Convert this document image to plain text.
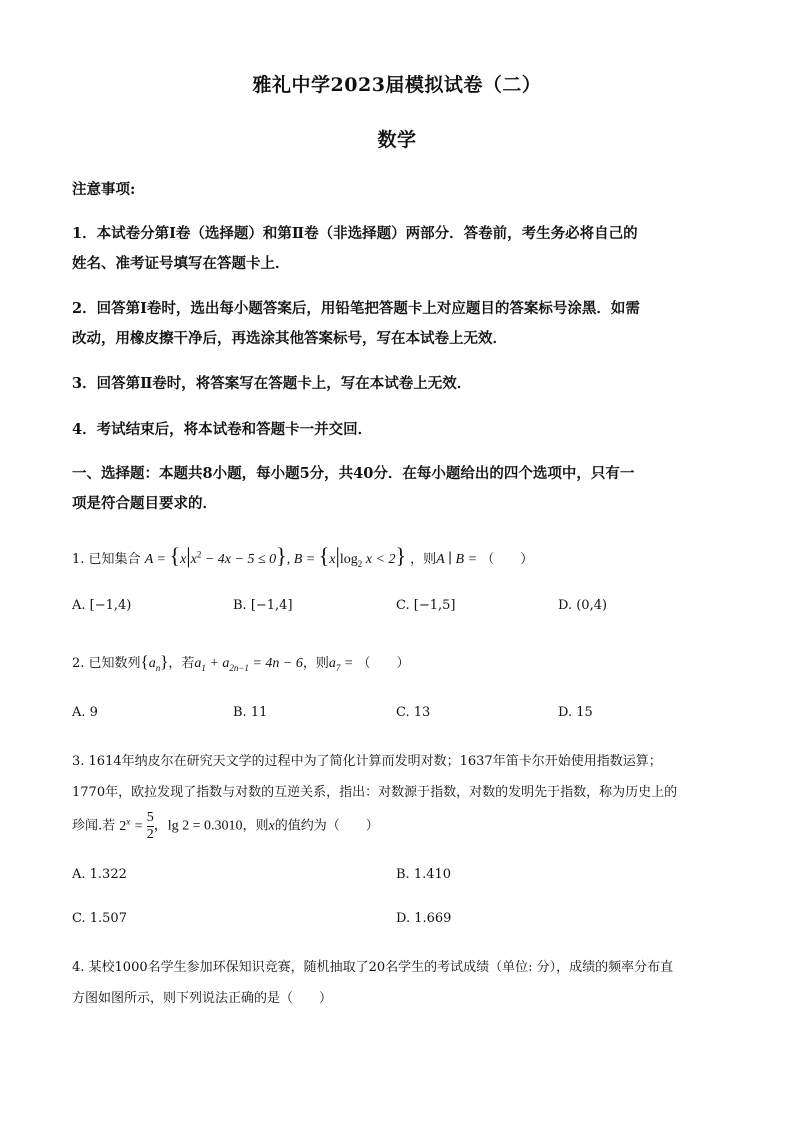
雅礼中学2023届模拟试卷（二）
数学
注意事项:
1．本试卷分第Ⅰ卷（选择题）和第Ⅱ卷（非选择题）两部分．答卷前，考生务必将自己的
姓名、准考证号填写在答题卡上．
2．回答第Ⅰ卷时，选出每小题答案后，用铅笔把答题卡上对应题目的答案标号涂黑．如需
改动，用橡皮擦干净后，再选涂其他答案标号，写在本试卷上无效．
3．回答第Ⅱ卷时，将答案写在答题卡上，写在本试卷上无效．
4．考试结束后，将本试卷和答题卡一并交回．
一、选择题：本题共8小题，每小题5分，共40分．在每小题给出的四个选项中，只有一
项是符合题目要求的．
1. 已知集合 $A = \{x|x^2 - 4x - 5 \le 0\}$, $B = \{x|\log_2$ x < 2} ，则A ∣ B = （　　）
A. [−1,4)	B. [−1,4]	C. [−1,5]	D. (0,4)
2. 已知数列$\{a_n\}$，若$a_1 + a_{2n-1} = 4n - 6$，则$a_7$ = （　　）
A. 9	B. 11	C. 13	D. 15
3. 1614年纳皮尔在研究天文学的过程中为了简化计算而发明对数；1637年笛卡尔开始使用指数运算；
1770年，欧拉发现了指数与对数的互逆关系，指出：对数源于指数，对数的发明先于指数，称为历史上的
珍闻.若 $2^x = \frac{5}{2}$ ，lg 2 = 0.3010，则x的值约为（　　）
A. 1.322	B. 1.410
C. 1.507	D. 1.669
4. 某校1000名学生参加环保知识竞赛，随机抽取了20名学生的考试成绩（单位: 分），成绩的频率分布直
方图如图所示，则下列说法正确的是（　　）
